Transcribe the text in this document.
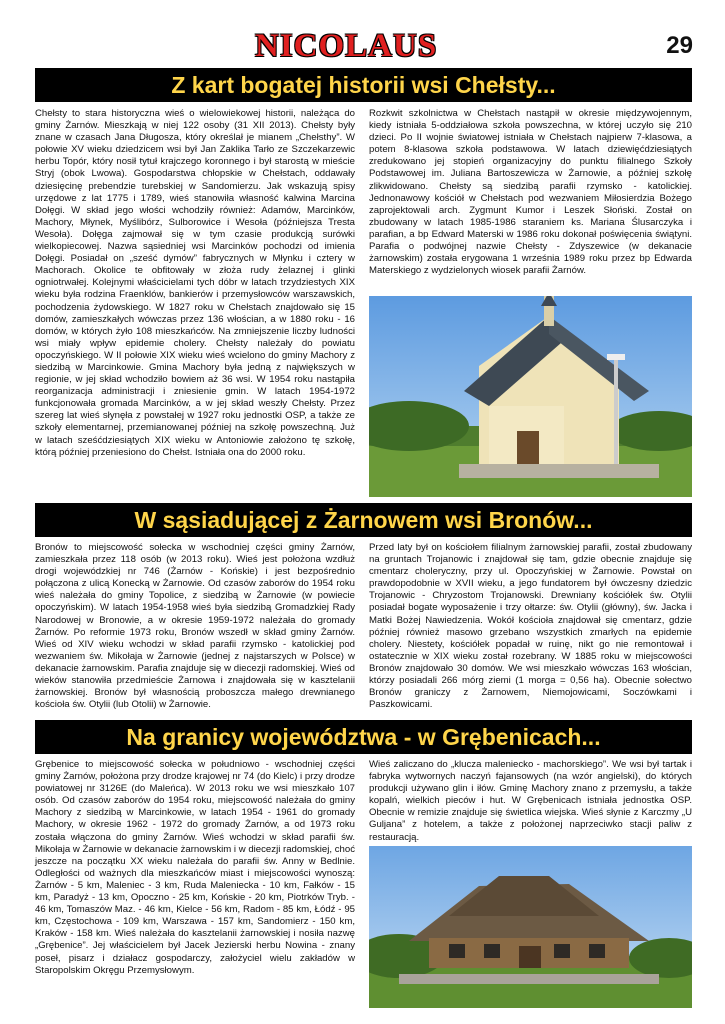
NICOLAUS	29
Z kart bogatej historii wsi Chełsty...

Chełsty to stara historyczna wieś o wielowiekowej historii, należąca do gminy Żarnów. Mieszkają w niej 122 osoby (31 XII 2013). Chełsty były znane w czasach Jana Długosza, który określał je mianem „Chełsthy”. W połowie XV wieku dziedzicem wsi był Jan Zaklika Tarło ze Szczekarzewic herbu Topór, który nosił tytuł krajczego koronnego i był starostą w mieście Stryj (obok Lwowa). Gospodarstwa chłopskie w Chełstach, oddawały dziesięcinę prebendzie turebskiej w Sandomierzu. Jak wskazują spisy urzędowe z lat 1775 i 1789, wieś stanowiła własność kalwina Marcina Dołęgi. W skład jego włości wchodziły również: Adamów, Marcinków, Machory, Młynek, Myślibórz, Sulborowice i Wesoła (późniejsza Tresta Wesoła). Dołęga zajmował się w tym czasie produkcją surówki wielkopiecowej. Nazwa sąsiedniej wsi Marcinków pochodzi od imienia Dołęgi. Posiadał on „sześć dymów” fabrycznych w Młynku i cztery w Machorach. Okolice te obfitowały w złoża rudy żelaznej i glinki ogniotrwałej. Kolejnymi właścicielami tych dóbr w latach trzydziestych XIX wieku była rodzina Fraenklów, bankierów i przemysłowców warszawskich, pochodzenia żydowskiego. W 1827 roku w Chełstach znajdowało się 15 domów, zamieszkałych wówczas przez 136 włościan, a w 1880 roku - 16 domów, w których żyło 108 mieszkańców. Na zmniejszenie liczby ludności wsi miały wpływ epidemie cholery. Chełsty należały do powiatu opoczyńskiego. W II połowie XIX wieku wieś wcielono do gminy Machory z siedzibą w Marcinkowie. Gmina Machory była jedną z największych w regionie, w jej skład wchodziło bowiem aż 36 wsi. W 1954 roku nastąpiła reorganizacja administracji i zniesienie gmin. W latach 1954-1972 funkcjonowała gromada Marcinków, a w jej skład weszły Chełsty. Przez szereg lat wieś słynęła z powstałej w 1927 roku jednostki OSP, a także ze szkoły elementarnej, przemianowanej później na szkołę powszechną. Już w latach sześćdziesiątych XIX wieku w Antoniowie założono tę szkołę, którą później przeniesiono do Chełst. Istniała ona do 2000 roku.

Rozkwit szkolnictwa w Chełstach nastąpił w okresie międzywojennym, kiedy istniała 5-oddziałowa szkoła powszechna, w której uczyło się 210 dzieci. Po II wojnie światowej istniała w Chełstach najpierw 7-klasowa, a potem 8-klasowa szkoła podstawowa. W latach dziewięćdziesiątych zredukowano jej stopień organizacyjny do punktu filialnego Szkoły Podstawowej im. Juliana Bartoszewicza w Żarnowie, a później szkołę zlikwidowano. Chełsty są siedzibą parafii rzymsko - katolickiej. Jednonawowy kościół w Chełstach pod wezwaniem Miłosierdzia Bożego zaprojektowali arch. Zygmunt Kumor i Leszek Słoński. Został on zbudowany w latach 1985-1986 staraniem ks. Mariana Ślusarczyka i parafian, a bp Edward Materski w 1986 roku dokonał poświęcenia świątyni. Parafia o podwójnej nazwie Chełsty - Zdyszewice (w dekanacie żarnowskim) została erygowana 1 września 1989 roku przez bp Edwarda Materskiego z wydzielonych wiosek parafii Żarnów.

W sąsiadującej z Żarnowem wsi Bronów...

Bronów to miejscowość sołecka w wschodniej części gminy Żarnów, zamieszkała przez 118 osób (w 2013 roku). Wieś jest położona wzdłuż drogi wojewódzkiej nr 746 (Żarnów - Końskie) i jest bezpośrednio połączona z ulicą Konecką w Żarnowie. Od czasów zaborów do 1954 roku wieś należała do gminy Topolice, z siedzibą w Żarnowie (w powiecie opoczyńskim). W latach 1954-1958 wieś była siedzibą Gromadzkiej Rady Narodowej w Bronowie, a w okresie 1959-1972 należała do gromady Żarnów. Po reformie 1973 roku, Bronów wszedł w skład gminy Żarnów. Wieś od XIV wieku wchodzi w skład parafii rzymsko - katolickiej pod wezwaniem św. Mikołaja w Żarnowie (jednej z najstarszych w Polsce) w dekanacie żarnowskim. Parafia znajduje się w diecezji radomskiej. Wieś od wieków stanowiła przedmieście Żarnowa i znajdowała się w kasztelanii żarnowskiej. Bronów był własnością proboszcza małego drewnianego kościoła św. Otylii (lub Otolii) w Żarnowie.

Przed laty był on kościołem filialnym żarnowskiej parafii, został zbudowany na gruntach Trojanowic i znajdował się tam, gdzie obecnie znajduje się cmentarz choleryczny, przy ul. Opoczyńskiej w Żarnowie. Powstał on prawdopodobnie w XVII wieku, a jego fundatorem był ówczesny dziedzic Trojanowic - Chryzostom Trojanowski. Drewniany kościółek św. Otylii posiadał bogate wyposażenie i trzy ołtarze: św. Otylii (główny), św. Jacka i Matki Bożej Nawiedzenia. Wokół kościoła znajdował się cmentarz, gdzie później również masowo grzebano wszystkich zmarłych na epidemie cholery. Niestety, kościółek popadał w ruinę, nikt go nie remontował i ostatecznie w XIX wieku został rozebrany. W 1885 roku w miejscowości Bronów znajdowało 30 domów. We wsi mieszkało wówczas 163 włościan, którzy posiadali 266 mórg ziemi (1 morga = 0,56 ha). Obecnie sołectwo Bronów graniczy z Żarnowem, Niemojowicami, Soczówkami i Paszkowicami.

Na granicy województwa - w Grębenicach...

Grębenice to miejscowość sołecka w południowo - wschodniej części gminy Żarnów, położona przy drodze krajowej nr 74 (do Kielc) i przy drodze powiatowej nr 3126E (do Maleńca). W 2013 roku we wsi mieszkało 107 osób. Od czasów zaborów do 1954 roku, miejscowość należała do gminy Machory z siedzibą w Marcinkowie, w latach 1954 - 1961 do gromady Machory, w okresie 1962 - 1972 do gromady Żarnów, a od 1973 roku została włączona do gminy Żarnów. Wieś wchodzi w skład parafii św. Mikołaja w Żarnowie w dekanacie żarnowskim i w diecezji radomskiej, choć jeszcze na początku XX wieku należała do parafii św. Anny w Bedlnie. Odległości od ważnych dla mieszkańców miast i miejscowości wynoszą: Żarnów - 5 km, Maleniec - 3 km, Ruda Maleniecka - 10 km, Fałków - 15 km, Paradyż - 13 km, Opoczno - 25 km, Końskie - 20 km, Piotrków Tryb. - 46 km, Tomaszów Maz. - 46 km, Kielce - 56 km, Radom - 85 km, Łódź - 95 km, Częstochowa - 109 km, Warszawa - 157 km, Sandomierz - 150 km, Kraków - 158 km. Wieś należała do kasztelanii żarnowskiej i nosiła nazwę „Grębenice”. Jej właścicielem był Jacek Jezierski herbu Nowina - znany poseł, pisarz i działacz gospodarczy, założyciel wielu zakładów w Staropolskim Okręgu Przemysłowym.

Wieś zaliczano do „klucza maleniecko - machorskiego”. We wsi był tartak i fabryka wytwornych naczyń fajansowych (na wzór angielski), do których produkcji używano glin i iłów. Gminę Machory znano z przemysłu, a także kopalń, wielkich pieców i hut. W Grębenicach istniała jednostka OSP. Obecnie w remizie znajduje się świetlica wiejska. Wieś słynie z Karczmy „U Guljana” z hotelem, a także z położonej naprzeciwko stacji paliw z restauracją.
